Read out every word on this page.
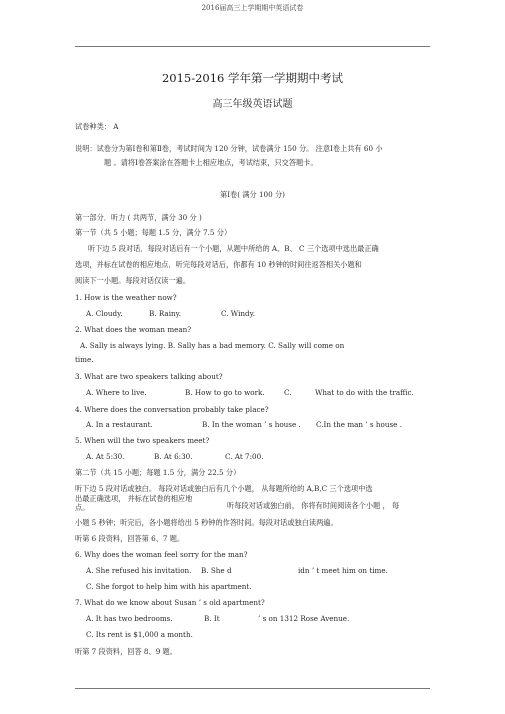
2016届高三上学期期中英语试卷
2015-2016 学年第一学期期中考试
高三年级英语试题
试卷种类： A
说明：试卷分为第Ⅰ卷和第Ⅱ卷，考试时间为 120 分钟，试卷满分 150 分。 注意Ⅰ卷上共有 60 小
题 。请将Ⅰ卷答案涂在答题卡上相应地点，考试结束，只交答题卡。
第Ⅰ卷( 满分 100 分)
第一部分．听力 ( 共两节，满分 30 分 )
第一节（共 5 小题；每题 1.5 分，满分 7.5 分）
听下边 5 段对话．每段对话后有一个小题，从题中所给的 A、B、 C 三个选项中选出最正确
选项，并标在试卷的相应地点．听完每段对话后，你都有 10 秒钟的时间往返答相关小题和
阅读下一小题。每段对话仅读一遍。
1. How is the weather now?
A. Cloudy.	B. Rainy.	C. Windy.
2. What does the woman mean?
A. Sally is always lying. B. Sally has a bad memory. C. Sally will come on
time.
3. What are two speakers talking about?
A. Where to live.	B. How to go to work.	C.	What to do with the traffic.
4. Where does the conversation probably take place?
A. In a restaurant.	B. In the woman ’ s house . C.In the man ’ s house .
5. When will the two speakers meet?
A. At 5:30.	B. At 6:30.	C. At 7:00.
第二节（共 15 小题；每题 1.5 分，满分 22.5 分）
听下边 5 段对话或独白。 每段对话或独白后有几个小题， 从每题所给的 A,B,C 三个选项中选
出最正确选项， 并标在试卷的相应地
点。	听每段对话或独白前， 你将有时间阅读各个小题 ， 每
小题 5 秒钟；听完后，各小题将给出 5 秒钟的作答时间。每段对话或独白读两遍。
听第 6 段资料，回答第 6、7 题。
6. Why does the woman feel sorry for the man?
A. She refused his invitation. B. She d	idn ’ t meet him on time.
C. She forgot to help him with his apartment.
7. What do we know about Susan ’ s old apartment?
A. It has two bedrooms.	B. It	’ s on 1312 Rose Avenue.
C. Its rent is $1,000 a month.
听第 7 段资料，回答 8、9 题。
